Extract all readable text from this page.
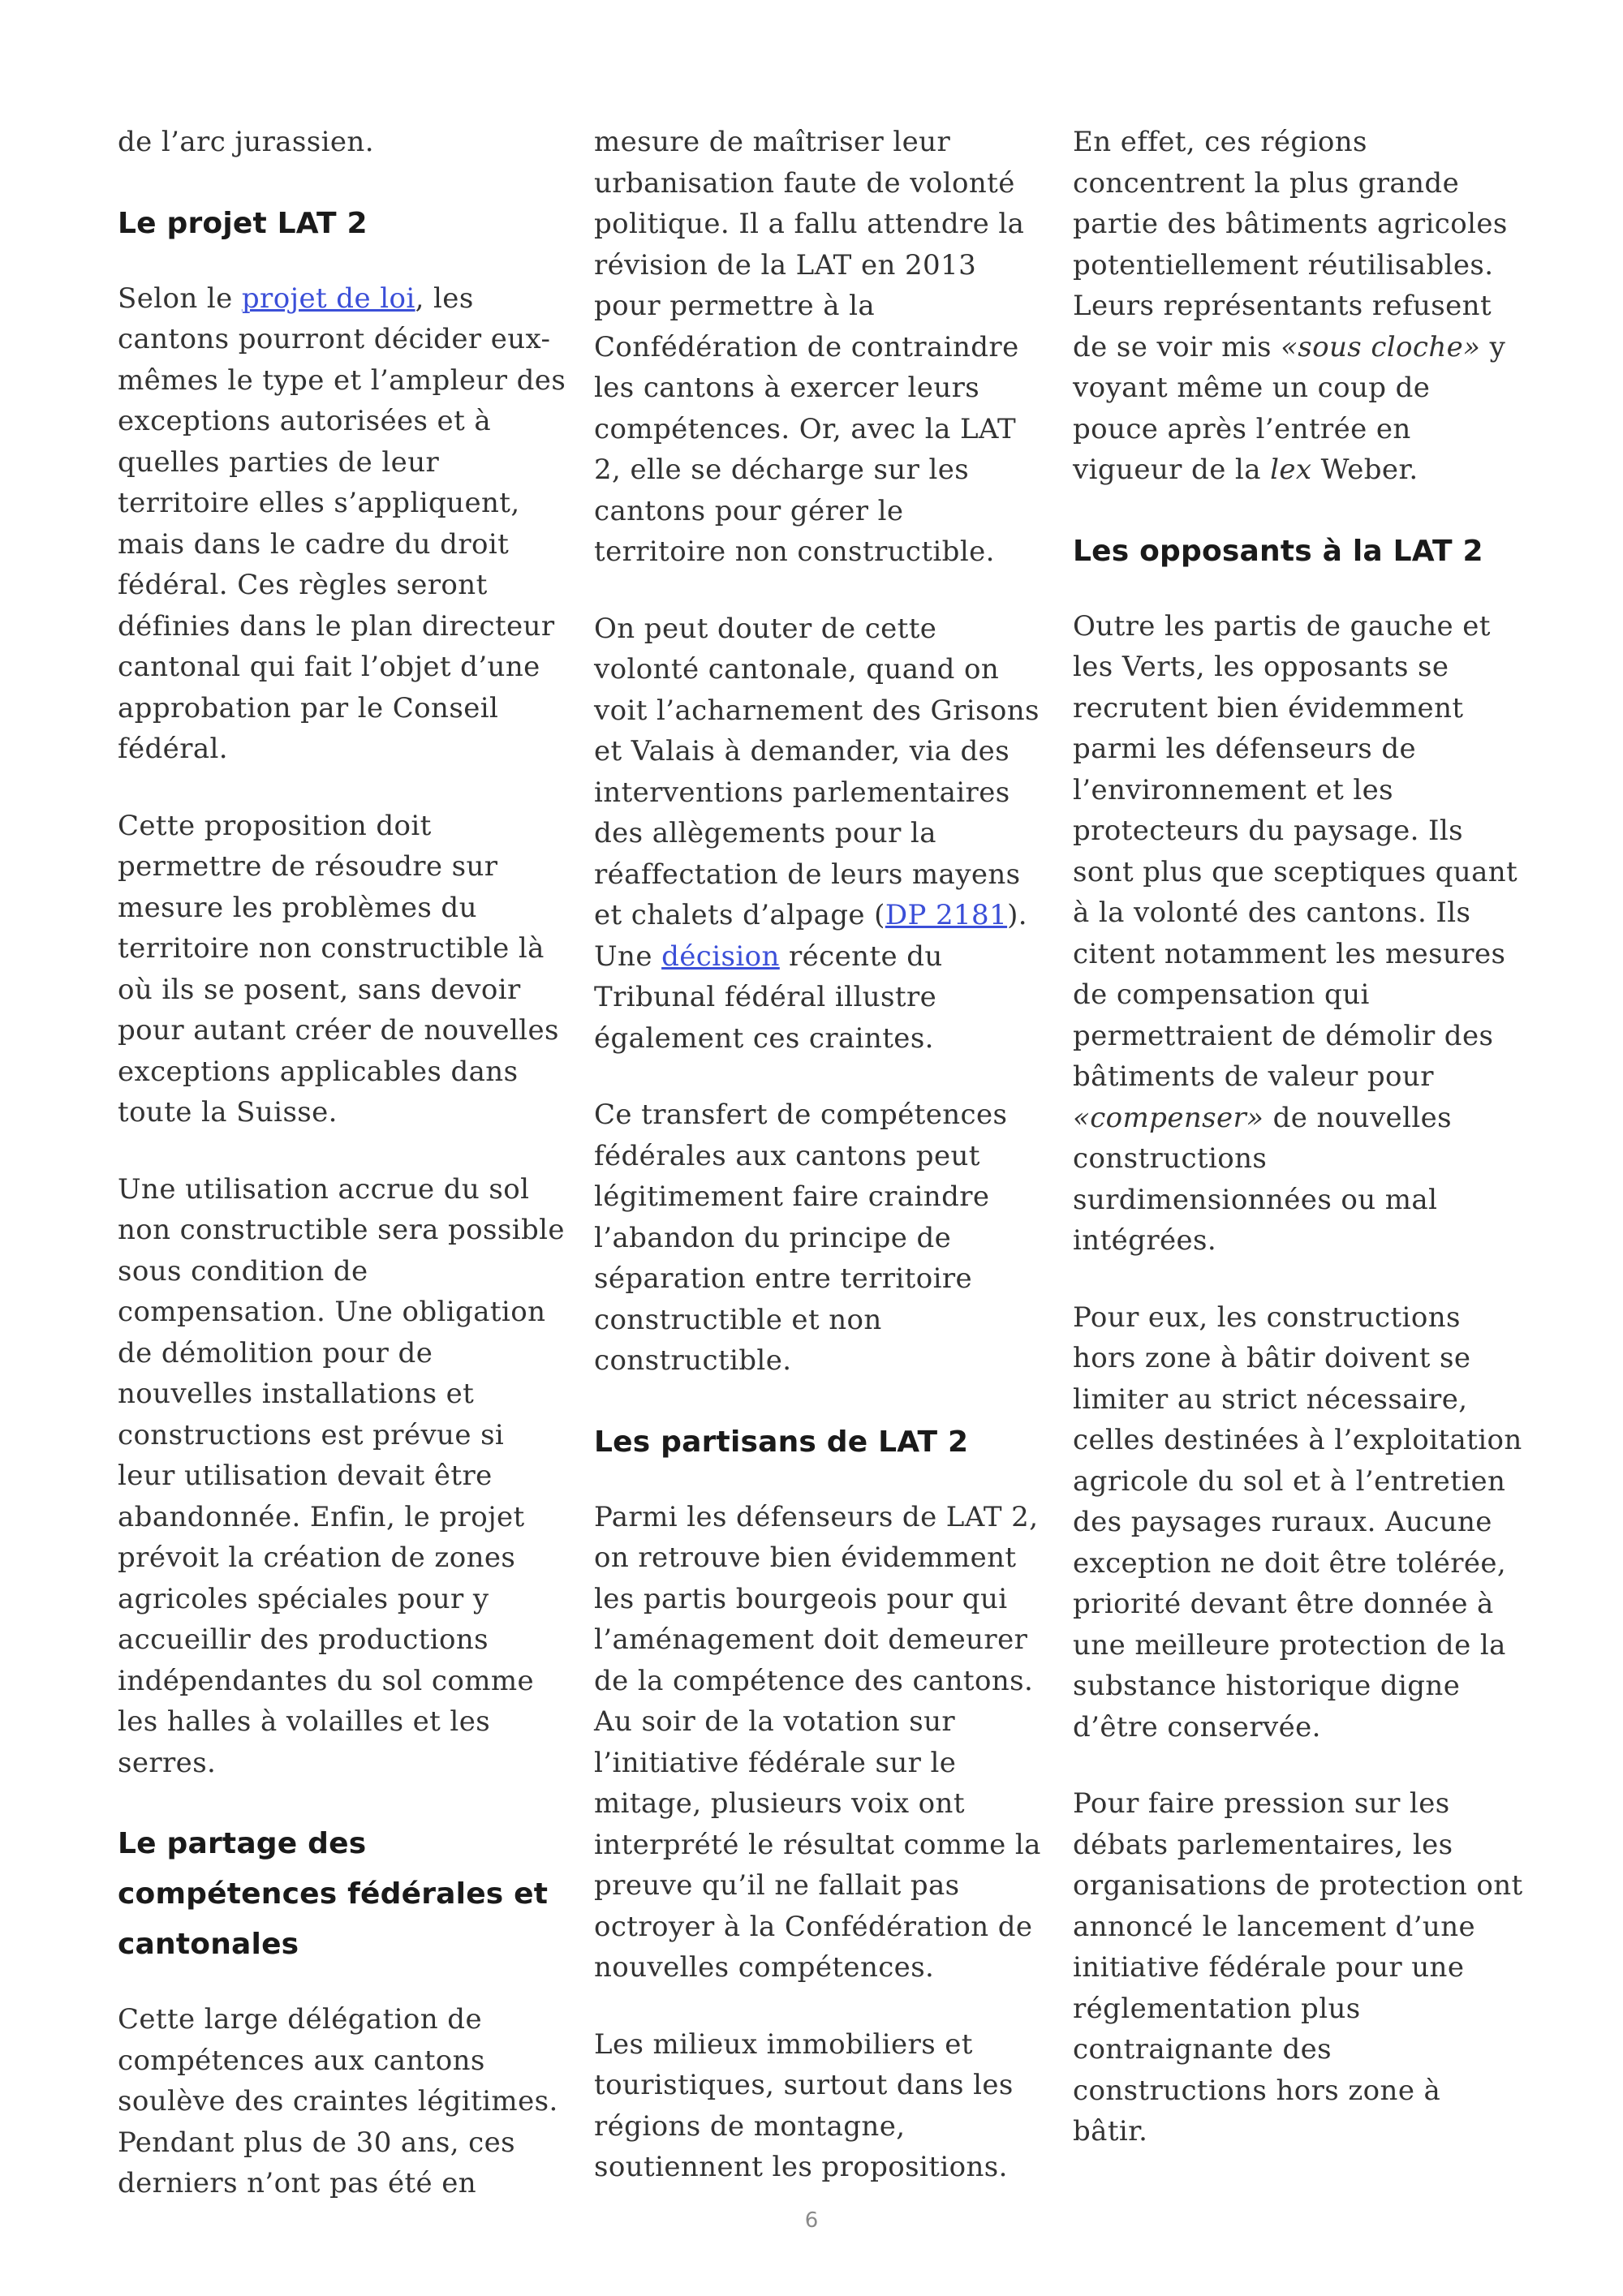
de l’arc jurassien.

Le projet LAT 2

Selon le projet de loi, les cantons pourront décider eux-mêmes le type et l’ampleur des exceptions autorisées et à quelles parties de leur territoire elles s’appliquent, mais dans le cadre du droit fédéral. Ces règles seront définies dans le plan directeur cantonal qui fait l’objet d’une approbation par le Conseil fédéral.

Cette proposition doit permettre de résoudre sur mesure les problèmes du territoire non constructible là où ils se posent, sans devoir pour autant créer de nouvelles exceptions applicables dans toute la Suisse.

Une utilisation accrue du sol non constructible sera possible sous condition de compensation. Une obligation de démolition pour de nouvelles installations et constructions est prévue si leur utilisation devait être abandonnée. Enfin, le projet prévoit la création de zones agricoles spéciales pour y accueillir des productions indépendantes du sol comme les halles à volailles et les serres.

Le partage des compétences fédérales et cantonales

Cette large délégation de compétences aux cantons soulève des craintes légitimes. Pendant plus de 30 ans, ces derniers n’ont pas été en

mesure de maîtriser leur urbanisation faute de volonté politique. Il a fallu attendre la révision de la LAT en 2013 pour permettre à la Confédération de contraindre les cantons à exercer leurs compétences. Or, avec la LAT 2, elle se décharge sur les cantons pour gérer le territoire non constructible.

On peut douter de cette volonté cantonale, quand on voit l’acharnement des Grisons et Valais à demander, via des interventions parlementaires des allègements pour la réaffectation de leurs mayens et chalets d’alpage (DP 2181). Une décision récente du Tribunal fédéral illustre également ces craintes.

Ce transfert de compétences fédérales aux cantons peut légitimement faire craindre l’abandon du principe de séparation entre territoire constructible et non constructible.

Les partisans de LAT 2

Parmi les défenseurs de LAT 2, on retrouve bien évidemment les partis bourgeois pour qui l’aménagement doit demeurer de la compétence des cantons. Au soir de la votation sur l’initiative fédérale sur le mitage, plusieurs voix ont interprété le résultat comme la preuve qu’il ne fallait pas octroyer à la Confédération de nouvelles compétences.

Les milieux immobiliers et touristiques, surtout dans les régions de montagne, soutiennent les propositions.

En effet, ces régions concentrent la plus grande partie des bâtiments agricoles potentiellement réutilisables. Leurs représentants refusent de se voir mis «sous cloche» y voyant même un coup de pouce après l’entrée en vigueur de la lex Weber.

Les opposants à la LAT 2

Outre les partis de gauche et les Verts, les opposants se recrutent bien évidemment parmi les défenseurs de l’environnement et les protecteurs du paysage. Ils sont plus que sceptiques quant à la volonté des cantons. Ils citent notamment les mesures de compensation qui permettraient de démolir des bâtiments de valeur pour «compenser» de nouvelles constructions surdimensionnées ou mal intégrées.

Pour eux, les constructions hors zone à bâtir doivent se limiter au strict nécessaire, celles destinées à l’exploitation agricole du sol et à l’entretien des paysages ruraux. Aucune exception ne doit être tolérée, priorité devant être donnée à une meilleure protection de la substance historique digne d’être conservée.

Pour faire pression sur les débats parlementaires, les organisations de protection ont annoncé le lancement d’une initiative fédérale pour une réglementation plus contraignante des constructions hors zone à bâtir.

6
